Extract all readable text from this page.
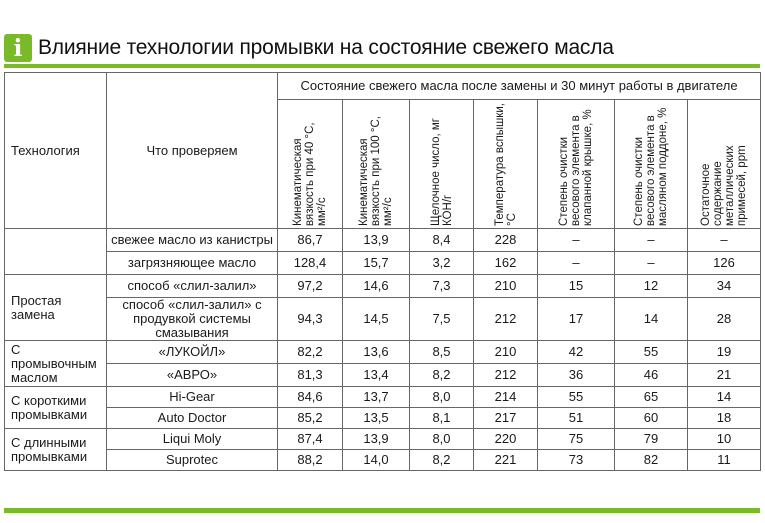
i Влияние технологии промывки на состояние свежего масла
Технология	Что проверяем	Состояние свежего масла после замены и 30 минут работы в двигателе						

		Кинематическая вязкость при 40 °С, мм²/с	Кинематическая вязкость при 100 °С, мм²/с	Щелочное число, мг КОН/г	Температура вспышки, °С	Степень очистки весового элемента в клапанной крышке, %	Степень очистки весового элемента в масляном поддоне, %	Остаточное содержание металлических примесей, ppm

	свежее масло из канистры	86,7	13,9	8,4	228	–	–	–
	загрязняющее масло	128,4	15,7	3,2	162	–	–	126
Простая замена	способ «слил-залил»	97,2	14,6	7,3	210	15	12	34
	способ «слил-залил» с продувкой системы смазывания	94,3	14,5	7,5	212	17	14	28
С промывочным маслом	«ЛУКОЙЛ»	82,2	13,6	8,5	210	42	55	19
	«АВРО»	81,3	13,4	8,2	212	36	46	21
С короткими промывками	Hi-Gear	84,6	13,7	8,0	214	55	65	14
	Auto Doctor	85,2	13,5	8,1	217	51	60	18
С длинными промывками	Liqui Moly	87,4	13,9	8,0	220	75	79	10
	Suprotec	88,2	14,0	8,2	221	73	82	11
